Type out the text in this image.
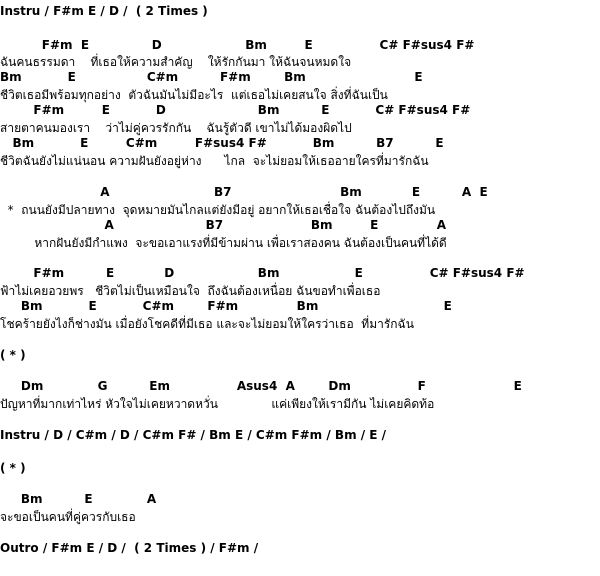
Instru / F#m E / D /  ( 2 Times )
F#m  E               D                    Bm         E                C# F#sus4 F#
ฉันคนธรรมดา    ที่เธอให้ความสำคัญ    ให้รักกันมา ให้ฉันจนหมดใจ
Bm           E                 C#m          F#m        Bm                          E
ชีวิตเธอมีพร้อมทุกอย่าง  ตัวฉันมันไม่มีอะไร  แต่เธอไม่เคยสนใจ สิ่งที่ฉันเป็น
F#m         E           D                      Bm          E           C# F#sus4 F#
สายตาคนมองเรา    ว่าไม่คู่ควรรักกัน    ฉันรู้ตัวดี เขาไม่ได้มองผิดไป
Bm           E         C#m         F#sus4 F#           Bm          B7          E
ชีวิตฉันยังไม่แน่นอน ความฝันยังอยู่ห่าง      ไกล  จะไม่ยอมให้เธออายใครที่มารักฉัน
A                         B7                          Bm            E          A  E
*  ถนนยังมีปลายทาง  จุดหมายมันไกลแต่ยังมีอยู่ อยากให้เธอเชื่อใจ ฉันต้องไปถึงมัน
A                      B7                     Bm         E              A
หากฝันยังมีกำแพง  จะขอเอาแรงที่มีข้ามผ่าน เพื่อเราสองคน ฉันต้องเป็นคนที่ได้ดี
F#m          E            D                    Bm                  E                C# F#sus4 F#
ฟ้าไม่เคยอวยพร   ชีวิตไม่เป็นเหมือนใจ  ถึงฉันต้องเหนื่อย ฉันขอทำเพื่อเธอ
Bm           E           C#m        F#m              Bm                              E
โชคร้ายยังไงก็ช่างมัน เมื่อยังโชคดีที่มีเธอ และจะไม่ยอมให้ใครว่าเธอ  ที่มารักฉัน
( * )
Dm             G          Em                Asus4  A        Dm                F                     E
ปัญหาที่มากเท่าไหร่ หัวใจไม่เคยหวาดหวั่น              แค่เพียงให้เรามีกัน ไม่เคยคิดท้อ
Instru / D / C#m / D / C#m F# / Bm E / C#m F#m / Bm / E /
( * )
Bm          E             A
จะขอเป็นคนที่คู่ควรกับเธอ
Outro / F#m E / D /  ( 2 Times ) / F#m /
